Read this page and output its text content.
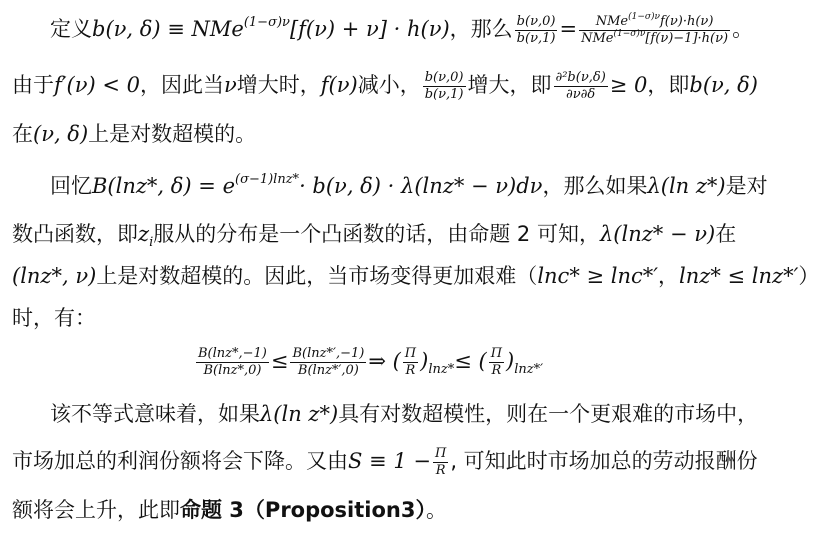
定义b(ν, δ) ≡ NMe$^{(1-\sigma)\nu}$[f(ν) + ν] · h(ν)，那么 $\frac{b(\nu,0)}{b(\nu,1)} = \frac{NMe^{(1-\sigma)\nu}f(\nu)\cdot h(\nu)}{NMe^{(1-\sigma)\nu}[f(\nu)-1]\cdot h(\nu)}$ 。
由于f′(ν) < 0，因此当ν增大时，f(ν)减小， $\frac{b(\nu,0)}{b(\nu,1)}$ 增大，即 $\frac{\text{∂²b(ν,δ)}}{\partial\nu\partial\delta} \ge 0$，即b(ν, δ)
在(ν, δ)上是对数超模的。
回忆B(lnz*, $\delta) = e^{(\sigma-1)lnz*}\cdot b(\nu$, δ) · λ(lnz* − ν)dν，那么如果λ(ln z*)是对
数凸函数，即$z_i$服从的分布是一个凸函数的话，由命题 2 可知，λ(lnz* − ν)在
(lnz*, ν)上是对数超模的。因此，当市场变得更加艰难（lnc* ≥ lnc*′，lnz* ≤ lnz*′）
时，有：
$\frac{B(\ln z*,-1)}{B(\ln z*,0)} \le \frac{B(\ln z*',-1)}{B(\ln z*',0)}$ ⇒ ( $\frac{\Pi}{R} )_{lnz*}\le$ ( $\frac{\Pi}{R} )_{lnz*'}$
该不等式意味着，如果λ(ln z*)具有对数超模性，则在一个更艰难的市场中，
市场加总的利润份额将会下降。又由$S \equiv 1 - \frac{\Pi}{R}$ , 可知此时市场加总的劳动报酬份
额将会上升，此即命题 3（Proposition3）。
